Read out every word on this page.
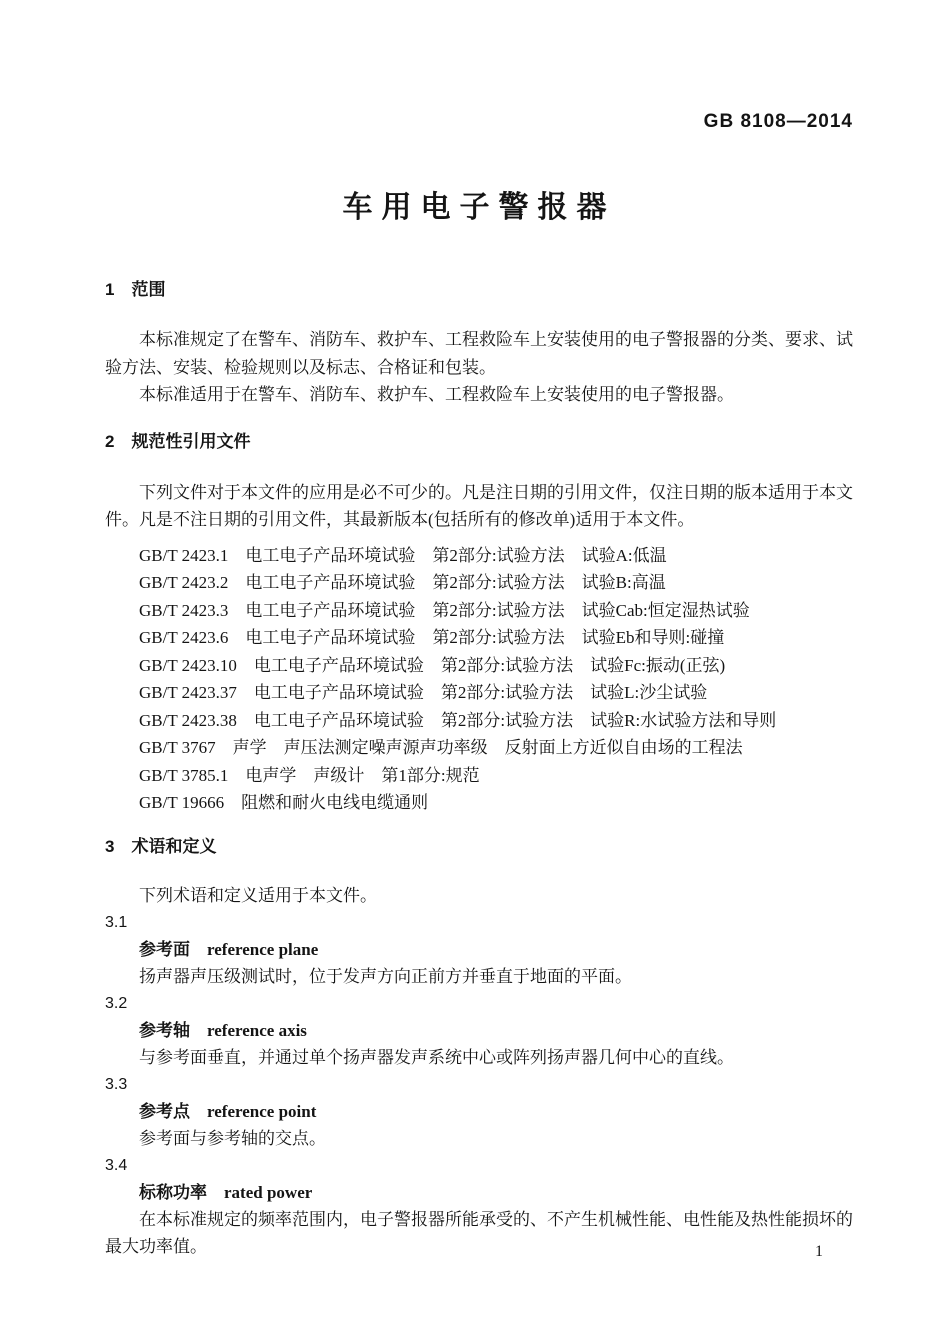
GB 8108—2014
车用电子警报器
1　范围

本标准规定了在警车、消防车、救护车、工程救险车上安装使用的电子警报器的分类、要求、试验方法、安装、检验规则以及标志、合格证和包装。

本标准适用于在警车、消防车、救护车、工程救险车上安装使用的电子警报器。

2　规范性引用文件

下列文件对于本文件的应用是必不可少的。凡是注日期的引用文件，仅注日期的版本适用于本文件。凡是不注日期的引用文件，其最新版本(包括所有的修改单)适用于本文件。

GB/T 2423.1　电工电子产品环境试验　第2部分:试验方法　试验A:低温

GB/T 2423.2　电工电子产品环境试验　第2部分:试验方法　试验B:高温

GB/T 2423.3　电工电子产品环境试验　第2部分:试验方法　试验Cab:恒定湿热试验

GB/T 2423.6　电工电子产品环境试验　第2部分:试验方法　试验Eb和导则:碰撞

GB/T 2423.10　电工电子产品环境试验　第2部分:试验方法　试验Fc:振动(正弦)

GB/T 2423.37　电工电子产品环境试验　第2部分:试验方法　试验L:沙尘试验

GB/T 2423.38　电工电子产品环境试验　第2部分:试验方法　试验R:水试验方法和导则

GB/T 3767　声学　声压法测定噪声源声功率级　反射面上方近似自由场的工程法

GB/T 3785.1　电声学　声级计　第1部分:规范

GB/T 19666　阻燃和耐火电线电缆通则

3　术语和定义

下列术语和定义适用于本文件。

3.1

参考面 reference plane

扬声器声压级测试时，位于发声方向正前方并垂直于地面的平面。

3.2

参考轴 reference axis

与参考面垂直，并通过单个扬声器发声系统中心或阵列扬声器几何中心的直线。

3.3

参考点 reference point

参考面与参考轴的交点。

3.4

标称功率 rated power

在本标准规定的频率范围内，电子警报器所能承受的、不产生机械性能、电性能及热性能损坏的最大功率值。	1
